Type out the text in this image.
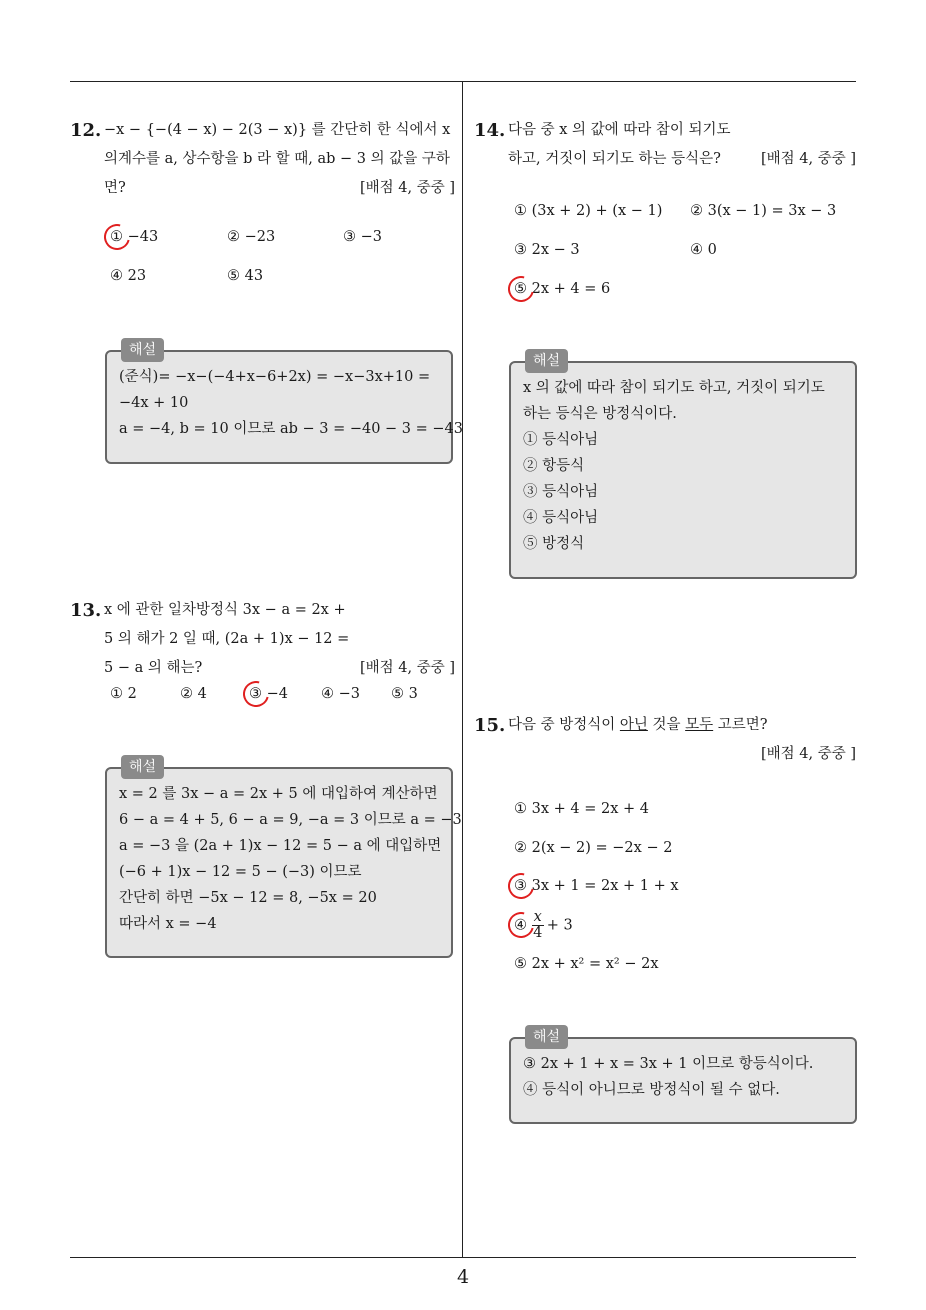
4
12. −x − {−(4 − x) − 2(3 − x)} 를 간단히 한 식에서 x 의계수를 a, 상수항을 b 라 할 때, ab − 3 의 값을 구하면?	[배점 4, 중중 ]
① −43	② −23	③ −3
④ 23	⑤ 43
해설
(준식)= −x−(−4+x−6+2x) = −x−3x+10 =
−4x + 10
a = −4, b = 10 이므로 ab − 3 = −40 − 3 = −43
13. x 에 관한 일차방정식 3x − a = 2x + 5 의 해가 2 일 때, (2a + 1)x − 12 = 5 − a 의 해는?	[배점 4, 중중 ]
① 2	② 4	③ −4 ④ −3 ⑤ 3
해설
x = 2 를 3x − a = 2x + 5 에 대입하여 계산하면
6 − a = 4 + 5, 6 − a = 9, −a = 3 이므로 a = −3
a = −3 을 (2a + 1)x − 12 = 5 − a 에 대입하면
(−6 + 1)x − 12 = 5 − (−3) 이므로
간단히 하면 −5x − 12 = 8, −5x = 20
따라서 x = −4
14. 다음 중 x 의 값에 따라 참이 되기도 하고, 거짓이 되기도 하는 등식은?	[배점 4, 중중 ]
① (3x + 2) + (x − 1) ② 3(x − 1) = 3x − 3
③ 2x − 3	④ 0
⑤ 2x + 4 = 6
해설
x 의 값에 따라 참이 되기도 하고, 거짓이 되기도
하는 등식은 방정식이다.
① 등식아님
② 항등식
③ 등식아님
④ 등식아님
⑤ 방정식
15. 다음 중 방정식이 아닌 것을 모두 고르면?
[배점 4, 중중 ]
① 3x + 4 = 2x + 4
② 2(x − 2) = −2x − 2
③ 3x + 1 = 2x + 1 + x
④ $\frac{x}{4} + 3$
⑤ 2x + x² = x² − 2x
해설
③ 2x + 1 + x = 3x + 1 이므로 항등식이다.
④ 등식이 아니므로 방정식이 될 수 없다.
